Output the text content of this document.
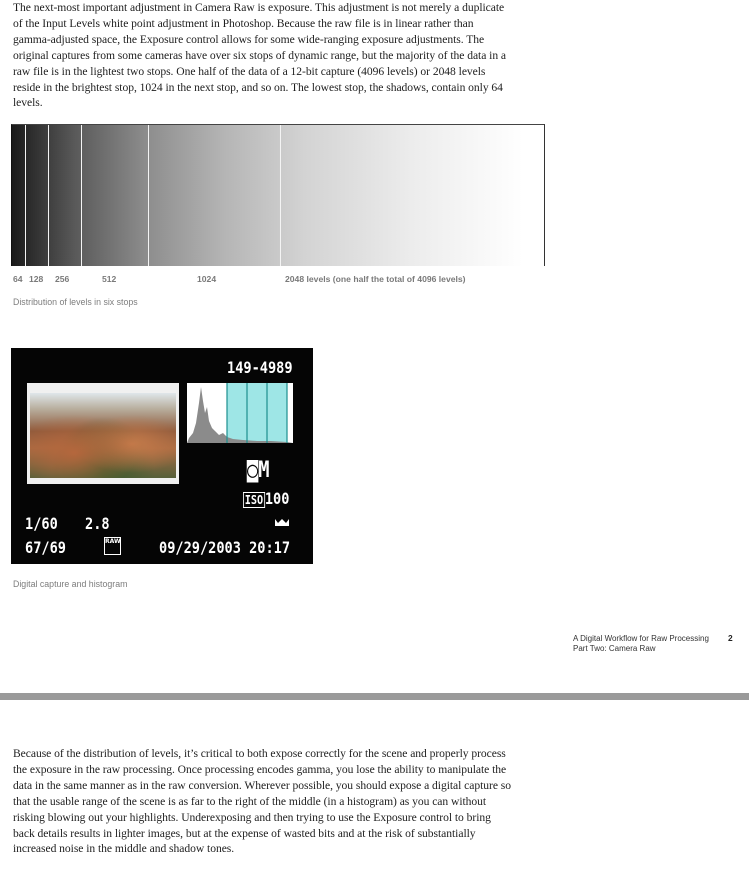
The next-most important adjustment in Camera Raw is exposure. This adjustment is not merely a duplicate of the Input Levels white point adjustment in Photoshop. Because the raw file is in linear rather than gamma-adjusted space, the Exposure control allows for some wide-ranging exposure adjustments. The original captures from some cameras have over six stops of dynamic range, but the majority of the data in a raw file is in the lightest two stops. One half of the data of a 12-bit capture (4096 levels) or 2048 levels reside in the brightest stop, 1024 in the next stop, and so on. The lowest stop, the shadows, contain only 64 levels.

64 128 256	512	1024	2048 levels (one half the total of 4096 levels)
Distribution of levels in six stops
149-4989
◙M
ISO 100
1/60 2.8
67/69	RAW 09/29/2003 20:17
Digital capture and histogram
A Digital Workflow for Raw Processing
Part Two: Camera Raw
2

Because of the distribution of levels, it’s critical to both expose correctly for the scene and properly process the exposure in the raw processing. Once processing encodes gamma, you lose the ability to manipulate the data in the same manner as in the raw conversion. Wherever possible, you should expose a digital capture so that the usable range of the scene is as far to the right of the middle (in a histogram) as you can without risking blowing out your highlights. Underexposing and then trying to use the Exposure control to bring back details results in lighter images, but at the expense of wasted bits and at the risk of substantially increased noise in the middle and shadow tones.
